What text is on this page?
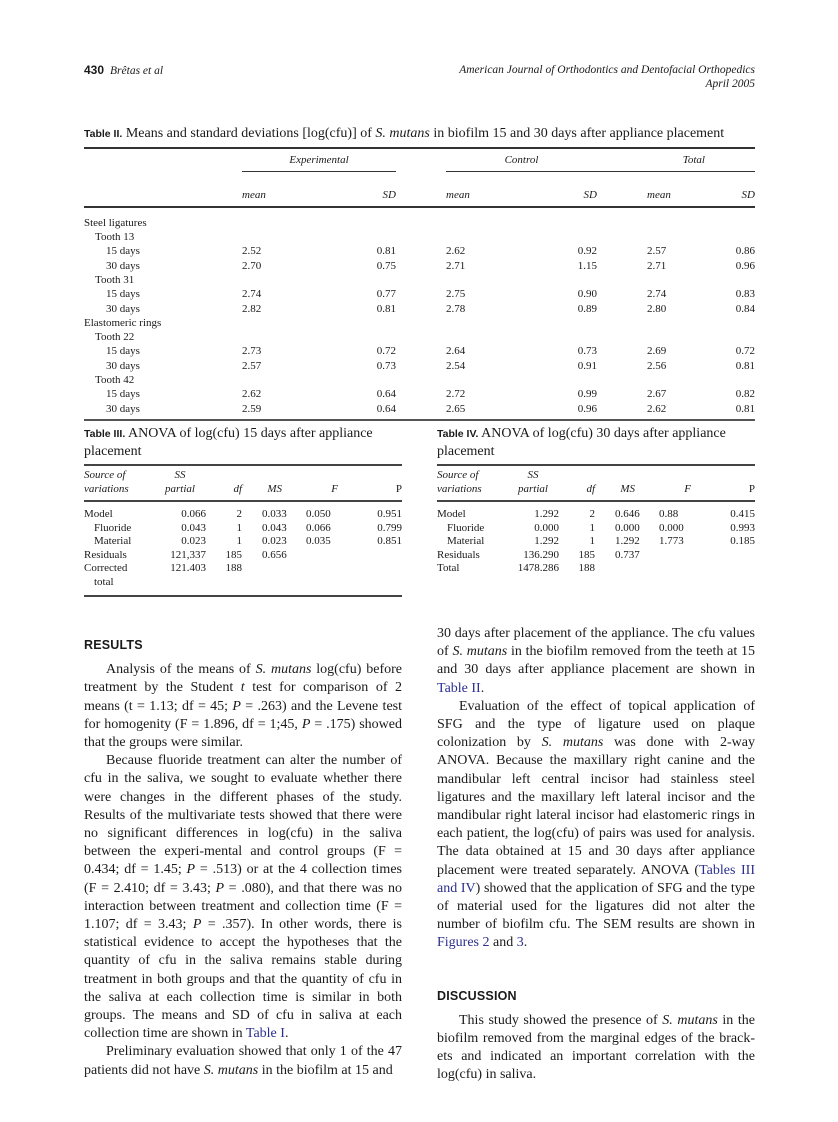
430 Brêtas et al	American Journal of Orthodontics and Dentofacial Orthopedics
April 2005
Table II. Means and standard deviations [log(cfu)] of S. mutans in biofilm 15 and 30 days after appliance placement
	Experimental			Control		Total

	mean	SD		mean	SD	mean SD
Steel ligatures						
Tooth 13						
15 days	2.52	0.81		2.62	0.92	2.57 0.86

30 days	2.70	0.75		2.71	1.15	2.71 0.96

Tooth 31						
15 days	2.74	0.77		2.75	0.90	2.74 0.83

30 days	2.82	0.81		2.78	0.89	2.80 0.84

Elastomeric rings						
Tooth 22						
15 days	2.73	0.72		2.64	0.73	2.69 0.72

30 days	2.57	0.73		2.54	0.91	2.56 0.81

Tooth 42						
15 days	2.62	0.64		2.72	0.99	2.67 0.82

30 days	2.59	0.64		2.65	0.96	2.62 0.81
Table III. ANOVA of log(cfu) 15 days after appliance placement
Source of
variations

SS
partial	df	MS	F	P
Model	0.066	2	0.033	0.050	0.951

Fluoride	0.043	1	0.043	0.066	0.799

Material	0.023	1	0.023	0.035	0.851

Residuals	121,337	185	0.656		

Corrected
total	121.403	188			
Table IV. ANOVA of log(cfu) 30 days after appliance placement
Source of
variations

SS
partial	df	MS	F	P
Model	1.292	2	0.646	0.88	0.415

Fluoride	0.000	1	0.000	0.000	0.993

Material	1.292	1	1.292	1.773	0.185

Residuals	136.290	185	0.737		

Total	1478.286	188			
RESULTS

Analysis of the means of S. mutans log(cfu) before treatment by the Student t test for comparison of 2 means (t = 1.13; df = 45; P = .263) and the Levene test for homogenity (F = 1.896, df = 1;45, P = .175) showed that the groups were similar.

Because fluoride treatment can alter the number of cfu in the saliva, we sought to evaluate whether there were changes in the different phases of the study. Results of the multivariate tests showed that there were no significant differences in log(cfu) in the saliva between the experi-mental and control groups (F = 0.434; df = 1.45; P = .513) or at the 4 collection times (F = 2.410; df = 3.43; P = .080), and that there was no interaction between treatment and collection time (F = 1.107; df = 3.43; P = .357). In other words, there is statistical evidence to accept the hypotheses that the quantity of cfu in the saliva remains stable during treatment in both groups and that the quantity of cfu in the saliva at each collection time is similar in both groups. The means and SD of cfu in saliva at each collection time are shown in Table I.

Preliminary evaluation showed that only 1 of the 47 patients did not have S. mutans in the biofilm at 15 and

30 days after placement of the appliance. The cfu values of S. mutans in the biofilm removed from the teeth at 15 and 30 days after appliance placement are shown in Table II.

Evaluation of the effect of topical application of SFG and the type of ligature used on plaque colonization by S. mutans was done with 2-way ANOVA. Because the maxillary right canine and the mandibular left central incisor had stainless steel ligatures and the maxillary left lateral incisor and the mandibular right lateral incisor had elastomeric rings in each patient, the log(cfu) of pairs was used for analysis. The data obtained at 15 and 30 days after appliance placement were treated separately. ANOVA (Tables III and IV) showed that the application of SFG and the type of material used for the ligatures did not alter the number of biofilm cfu. The SEM results are shown in Figures 2 and 3.

DISCUSSION

This study showed the presence of S. mutans in the biofilm removed from the marginal edges of the brack-ets and indicated an important correlation with the log(cfu) in saliva.
